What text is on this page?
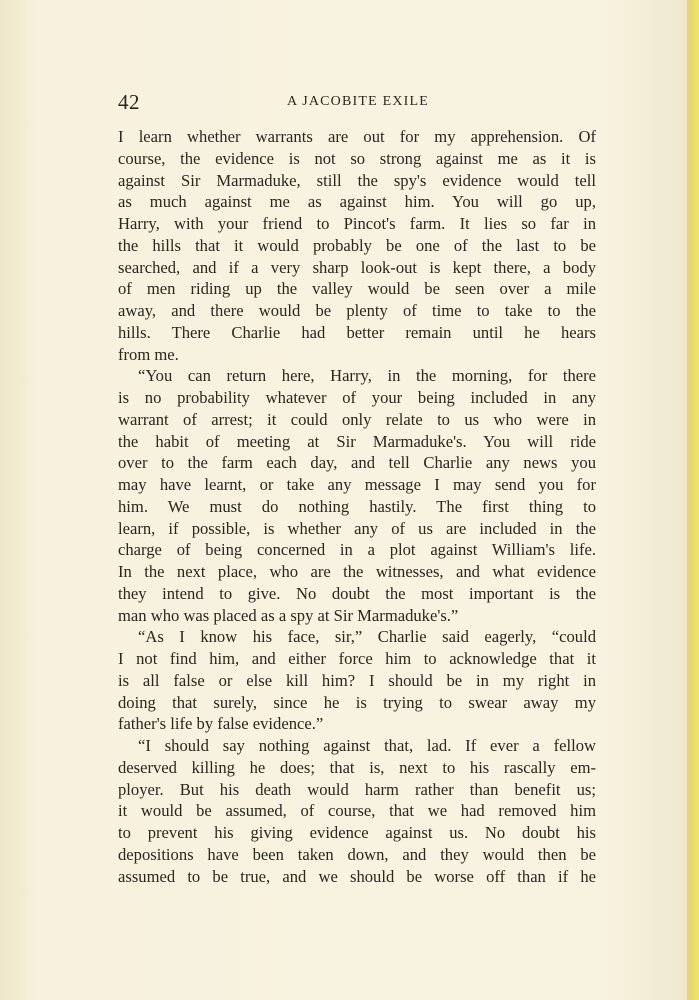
42	A JACOBITE EXILE
I learn whether warrants are out for my apprehension. Of
course, the evidence is not so strong against me as it is
against Sir Marmaduke, still the spy's evidence would tell
as much against me as against him. You will go up,
Harry, with your friend to Pincot's farm. It lies so far in
the hills that it would probably be one of the last to be
searched, and if a very sharp look-out is kept there, a body
of men riding up the valley would be seen over a mile
away, and there would be plenty of time to take to the
hills. There Charlie had better remain until he hears
from me.
“You can return here, Harry, in the morning, for there
is no probability whatever of your being included in any
warrant of arrest; it could only relate to us who were in
the habit of meeting at Sir Marmaduke's. You will ride
over to the farm each day, and tell Charlie any news you
may have learnt, or take any message I may send you for
him. We must do nothing hastily. The first thing to
learn, if possible, is whether any of us are included in the
charge of being concerned in a plot against William's life.
In the next place, who are the witnesses, and what evidence
they intend to give. No doubt the most important is the
man who was placed as a spy at Sir Marmaduke's.”
“As I know his face, sir,” Charlie said eagerly, “could
I not find him, and either force him to acknowledge that it
is all false or else kill him? I should be in my right in
doing that surely, since he is trying to swear away my
father's life by false evidence.”
“I should say nothing against that, lad. If ever a fellow
deserved killing he does; that is, next to his rascally em-
ployer. But his death would harm rather than benefit us;
it would be assumed, of course, that we had removed him
to prevent his giving evidence against us. No doubt his
depositions have been taken down, and they would then be
assumed to be true, and we should be worse off than if he
